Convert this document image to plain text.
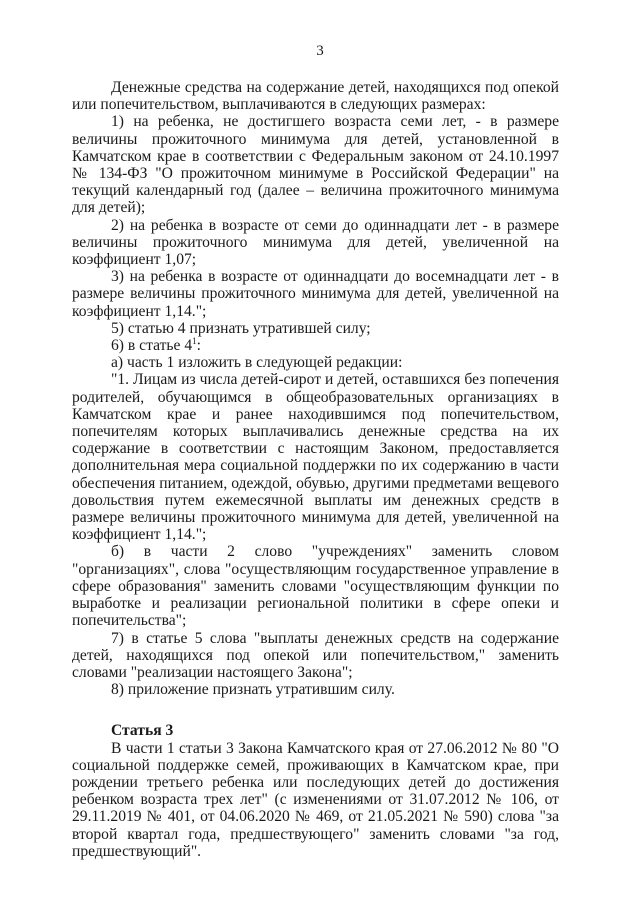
3

Денежные средства на содержание детей, находящихся под опекой или попечительством, выплачиваются в следующих размерах:

1) на ребенка, не достигшего возраста семи лет, - в размере величины прожиточного минимума для детей, установленной в Камчатском крае в соответствии с Федеральным законом от 24.10.1997 № 134-ФЗ "О прожиточном минимуме в Российской Федерации" на текущий календарный год (далее – величина прожиточного минимума для детей);

2) на ребенка в возрасте от семи до одиннадцати лет - в размере величины прожиточного минимума для детей, увеличенной на коэффициент 1,07;

3) на ребенка в возрасте от одиннадцати до восемнадцати лет - в размере величины прожиточного минимума для детей, увеличенной на коэффициент 1,14.";

5) статью 4 признать утратившей силу;

6) в статье $4^1$:

а) часть 1 изложить в следующей редакции:

"1. Лицам из числа детей-сирот и детей, оставшихся без попечения родителей, обучающимся в общеобразовательных организациях в Камчатском крае и ранее находившимся под попечительством, попечителям которых выплачивались денежные средства на их содержание в соответствии с настоящим Законом, предоставляется дополнительная мера социальной поддержки по их содержанию в части обеспечения питанием, одеждой, обувью, другими предметами вещевого довольствия путем ежемесячной выплаты им денежных средств в размере величины прожиточного минимума для детей, увеличенной на коэффициент 1,14.";

б) в части 2 слово "учреждениях" заменить словом "организациях", слова "осуществляющим государственное управление в сфере образования" заменить словами "осуществляющим функции по выработке и реализации региональной политики в сфере опеки и попечительства";

7) в статье 5 слова "выплаты денежных средств на содержание детей, находящихся под опекой или попечительством," заменить словами "реализации настоящего Закона";

8) приложение признать утратившим силу.

Статья 3

В части 1 статьи 3 Закона Камчатского края от 27.06.2012 № 80 "О социальной поддержке семей, проживающих в Камчатском крае, при рождении третьего ребенка или последующих детей до достижения ребенком возраста трех лет" (с изменениями от 31.07.2012 № 106, от 29.11.2019 № 401, от 04.06.2020 № 469, от 21.05.2021 № 590) слова "за второй квартал года, предшествующего" заменить словами "за год, предшествующий".
